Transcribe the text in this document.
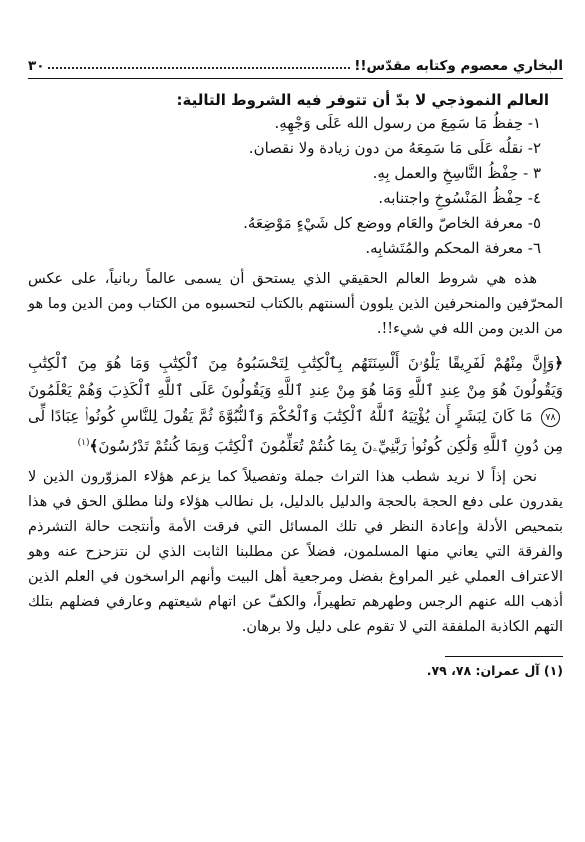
البخاري معصوم وكتابه مقدّس!!
٣٠
العالم النموذجي لا بدّ أن تتوفر فيه الشروط التالية:
١- حِفظُ مَا سَمِعَ من رسول الله عَلَى وَجْهِهِ.
٢- نقلُه عَلَى مَا سَمِعَهُ من دون زيادة ولا نقصان.
٣ - حِفْظُ النَّاسِخِ والعمل بِهِ.
٤- حِفْظُ المَنْسُوخِ واجتنابه.
٥- معرفة الخاصّ والعَام ووضع كل شَيْءٍ مَوْضِعَهُ.
٦- معرفة المحكم والمُتَشابِه.

هذه هي شروط العالم الحقيقي الذي يستحق أن يسمى عالماً ربانياً، على عكس المحرّفين والمنحرفين الذين يلوون ألسنتهم بالكتاب لتحسبوه من الكتاب ومن الدين وما هو من الدين ومن الله في شيء!!.

﴿وَإِنَّ مِنْهُمْ لَفَرِيقًا يَلْوُۥنَ أَلْسِنَتَهُم بِٱلْكِتَٰبِ لِتَحْسَبُوهُ مِنَ ٱلْكِتَٰبِ وَمَا هُوَ مِنَ ٱلْكِتَٰبِ وَيَقُولُونَ هُوَ مِنْ عِندِ ٱللَّهِ وَمَا هُوَ مِنْ عِندِ ٱللَّهِ وَيَقُولُونَ عَلَى ٱللَّهِ ٱلْكَذِبَ وَهُمْ يَعْلَمُونَ ٧٨ مَا كَانَ لِبَشَرٍ أَن يُؤْتِيَهُ ٱللَّهُ ٱلْكِتَٰبَ وَٱلْحُكْمَ وَٱلنُّبُوَّةَ ثُمَّ يَقُولَ لِلنَّاسِ كُونُوا۟ عِبَادًا لِّى مِن دُونِ ٱللَّهِ وَلَٰكِن كُونُوا۟ رَبَّٰنِيِّۦنَ بِمَا كُنتُمْ تُعَلِّمُونَ ٱلْكِتَٰبَ وَبِمَا كُنتُمْ تَدْرُسُونَ﴾$^{(١)}$

نحن إذاً لا نريد شطب هذا التراث جملة وتفصيلاً كما يزعم هؤلاء المزوّرون الذين لا يقدرون على دفع الحجة بالحجة والدليل بالدليل، بل نطالب هؤلاء ولنا مطلق الحق في هذا بتمحيص الأدلة وإعادة النظر في تلك المسائل التي فرقت الأمة وأنتجت حالة التشرذم والفرقة التي يعاني منها المسلمون، فضلاً عن مطلبنا الثابت الذي لن نتزحزح عنه وهو الاعتراف العملي غير المراوغ بفضل ومرجعية أهل البيت وأنهم الراسخون في العلم الذين أذهب الله عنهم الرجس وطهرهم تطهيراً، والكفّ عن اتهام شيعتهم وعارفي فضلهم بتلك التهم الكاذبة الملفقة التي لا تقوم على دليل ولا برهان.

(١) آل عمران: ٧٨، ٧٩.
